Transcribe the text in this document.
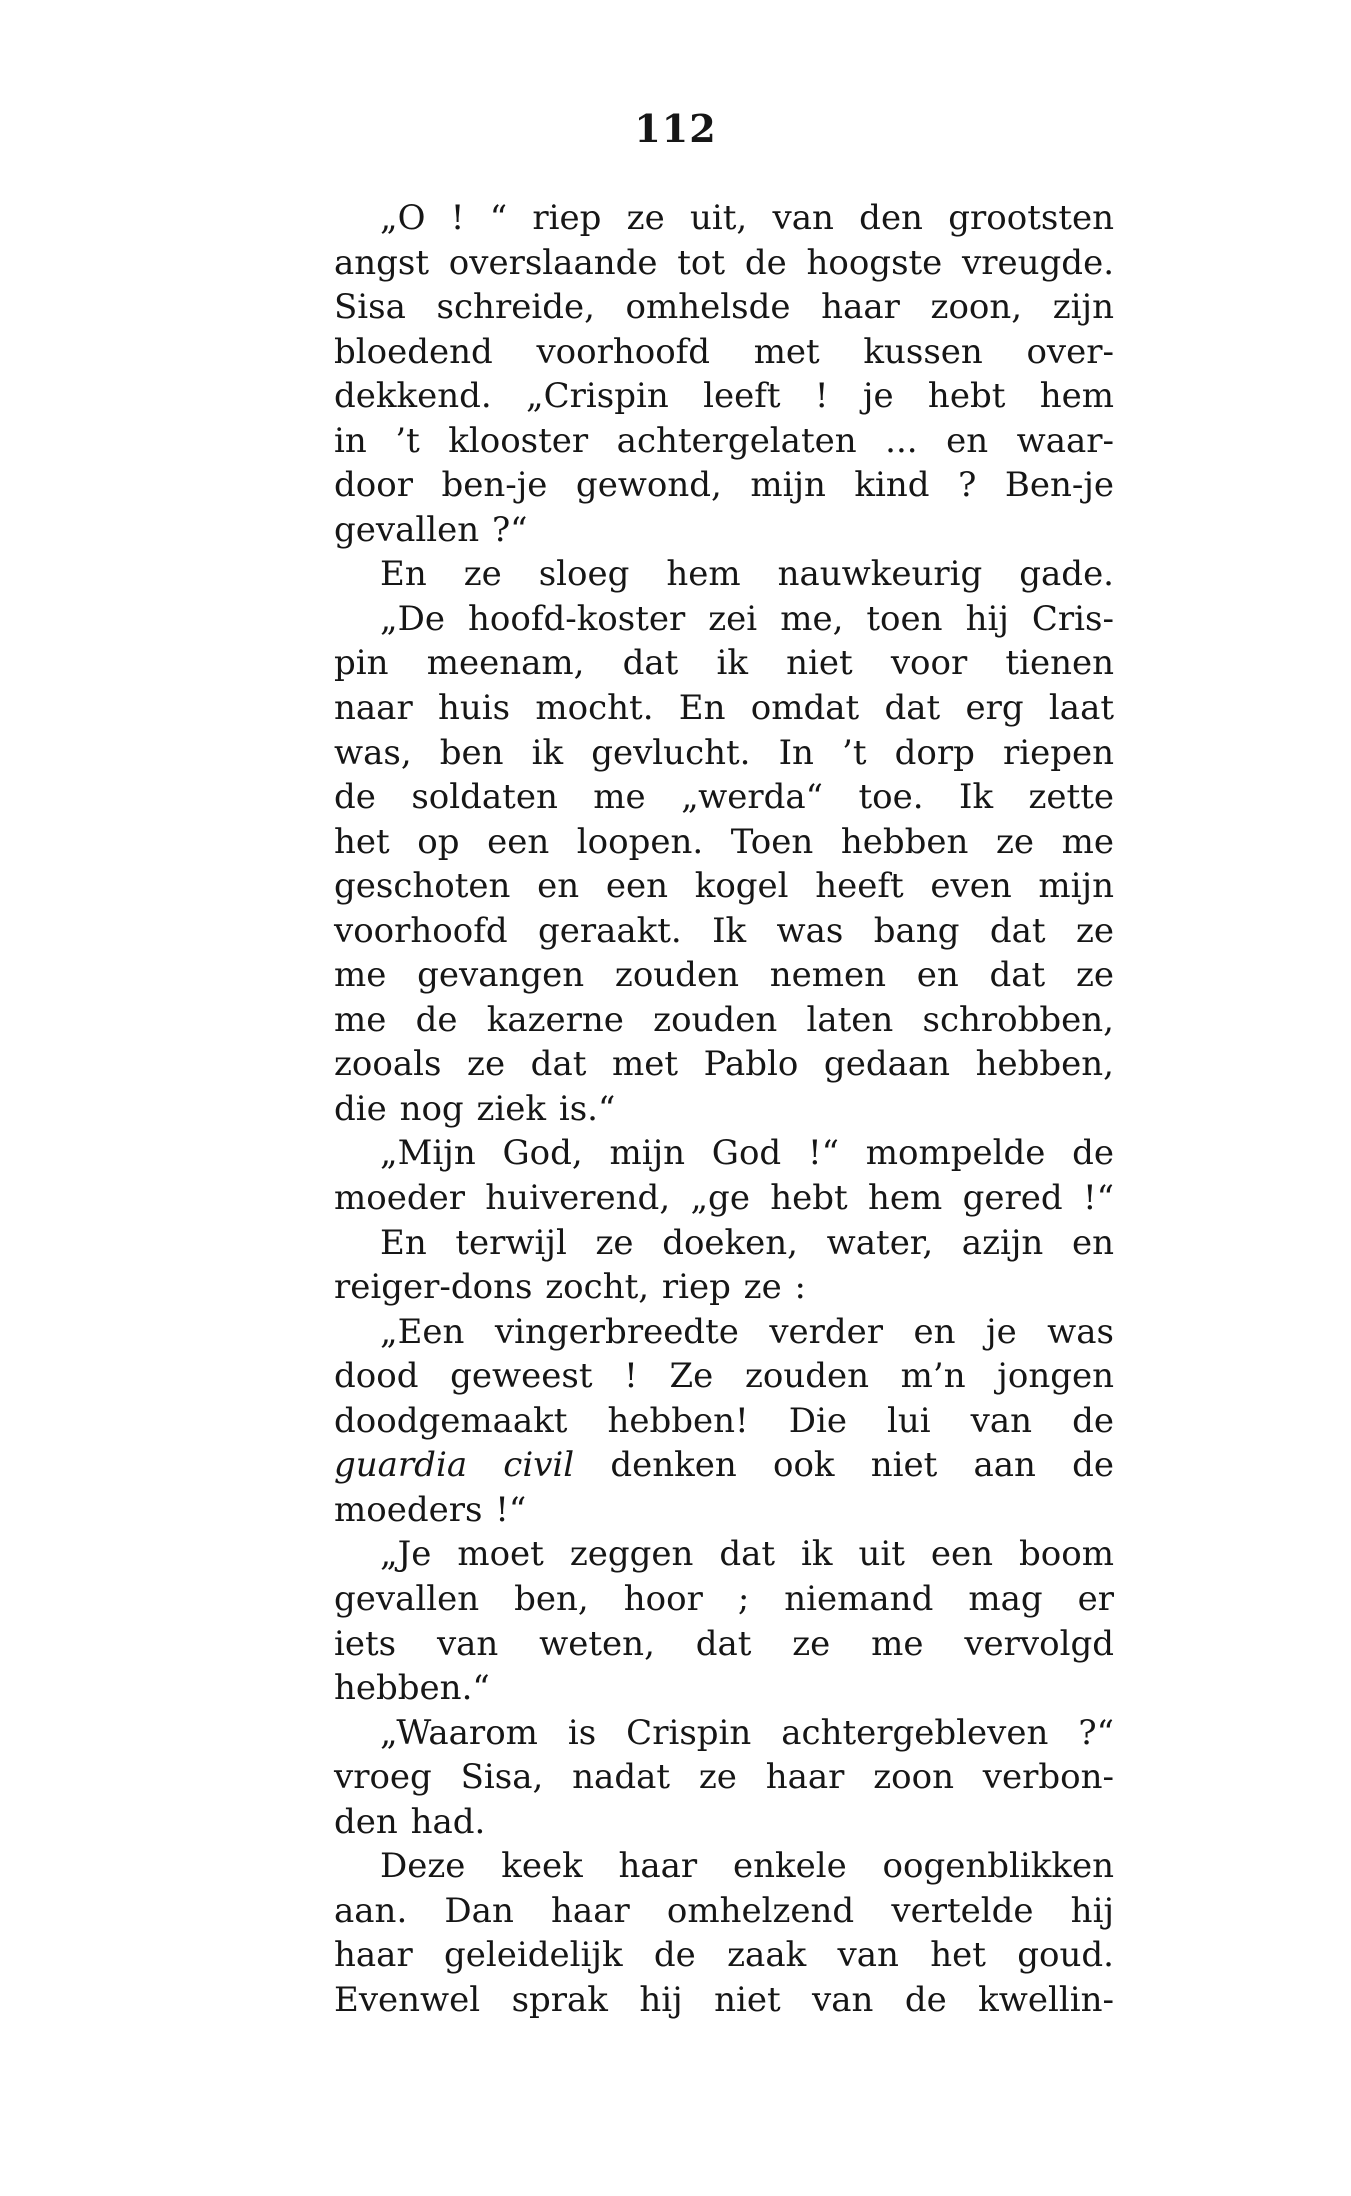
112
„O ! “ riep ze uit, van den grootsten
angst overslaande tot de hoogste vreugde.
Sisa schreide, omhelsde haar zoon, zijn
bloedend voorhoofd met kussen over-
dekkend. „Crispin leeft ! je hebt hem
in ’t klooster achtergelaten ... en waar-
door ben-je gewond, mijn kind ? Ben-je
gevallen ?“
En ze sloeg hem nauwkeurig gade.
„De hoofd-koster zei me, toen hij Cris-
pin meenam, dat ik niet voor tienen
naar huis mocht. En omdat dat erg laat
was, ben ik gevlucht. In ’t dorp riepen
de soldaten me „werda“ toe. Ik zette
het op een loopen. Toen hebben ze me
geschoten en een kogel heeft even mijn
voorhoofd geraakt. Ik was bang dat ze
me gevangen zouden nemen en dat ze
me de kazerne zouden laten schrobben,
zooals ze dat met Pablo gedaan hebben,
die nog ziek is.“
„Mijn God, mijn God !“ mompelde de
moeder huiverend, „ge hebt hem gered !“
En terwijl ze doeken, water, azijn en
reiger-dons zocht, riep ze :
„Een vingerbreedte verder en je was
dood geweest ! Ze zouden m’n jongen
doodgemaakt hebben! Die lui van de
guardia civil denken ook niet aan de
moeders !“
„Je moet zeggen dat ik uit een boom
gevallen ben, hoor ; niemand mag er
iets van weten, dat ze me vervolgd
hebben.“
„Waarom is Crispin achtergebleven ?“
vroeg Sisa, nadat ze haar zoon verbon-
den had.
Deze keek haar enkele oogenblikken
aan. Dan haar omhelzend vertelde hij
haar geleidelijk de zaak van het goud.
Evenwel sprak hij niet van de kwellin-
